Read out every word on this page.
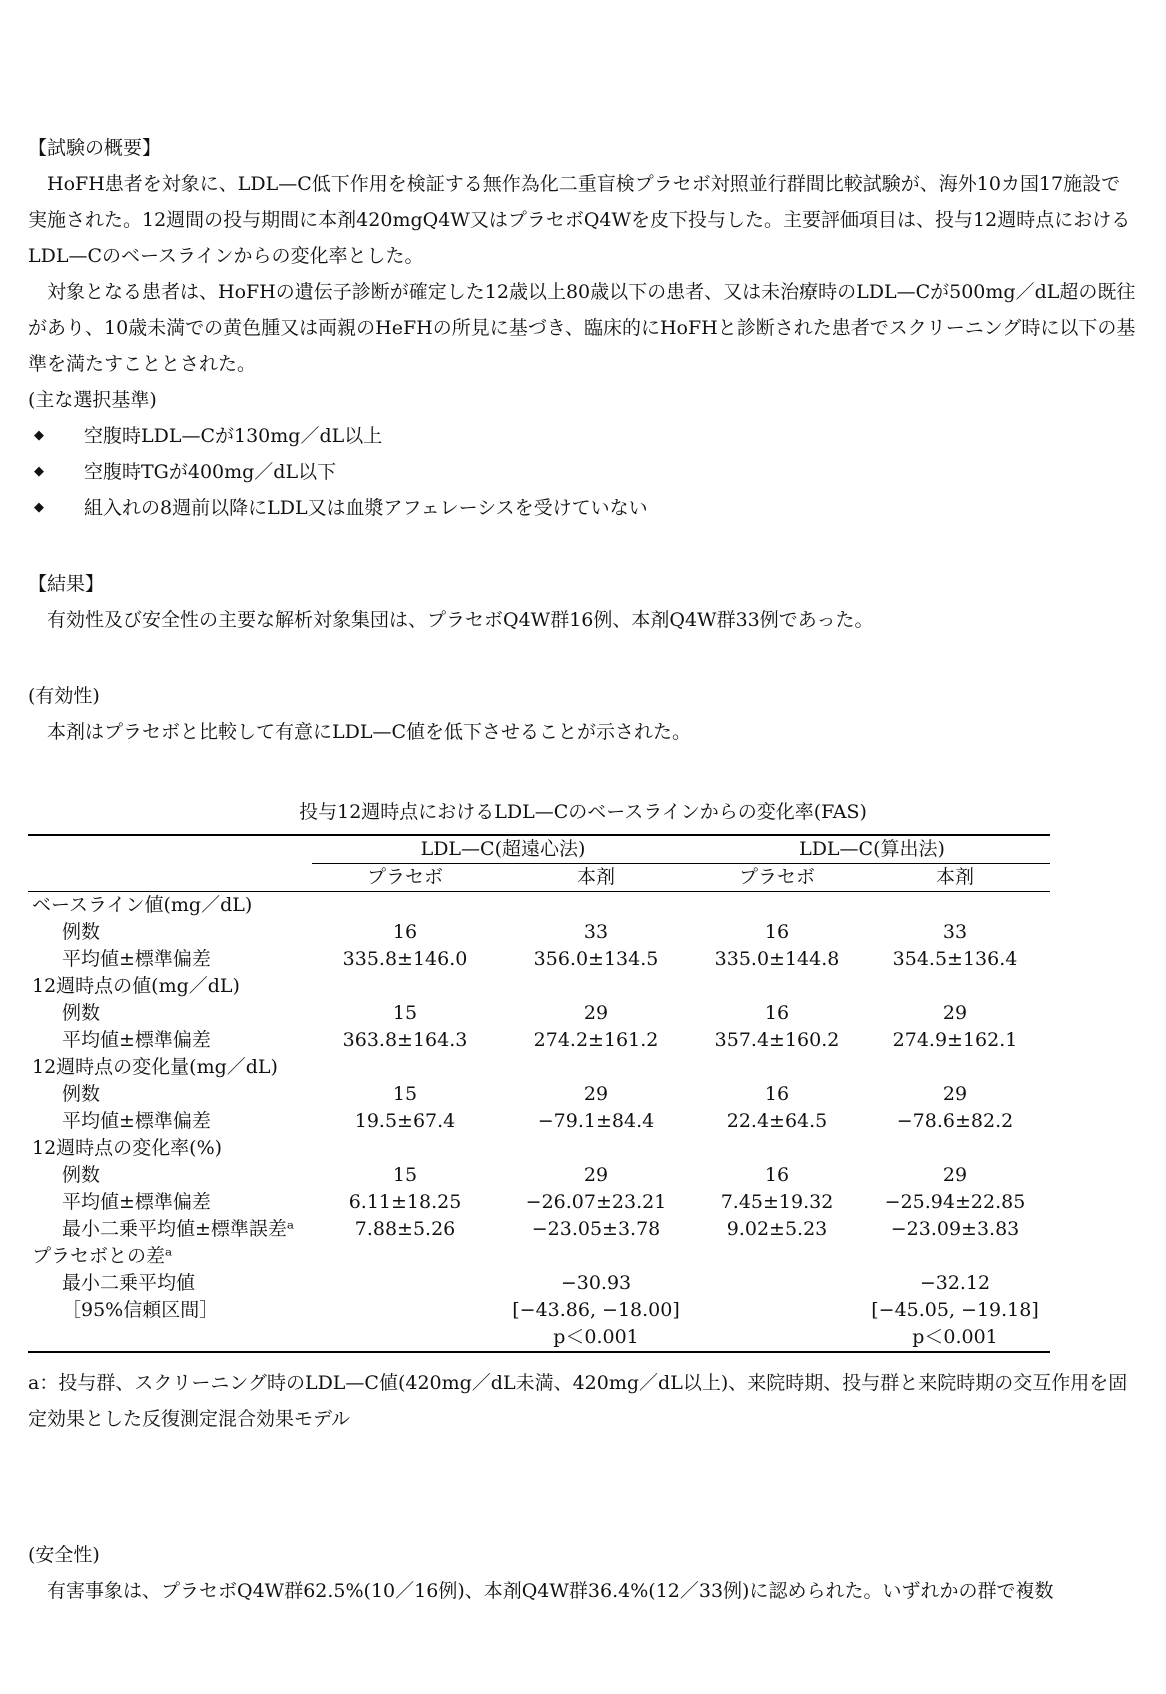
【試験の概要】

　HoFH患者を対象に、LDL—C低下作用を検証する無作為化二重盲検プラセボ対照並行群間比較試験が、海外10カ国17施設で実施された。12週間の投与期間に本剤420mgQ4W又はプラセボQ4Wを皮下投与した。主要評価項目は、投与12週時点におけるLDL—Cのベースラインからの変化率とした。

　対象となる患者は、HoFHの遺伝子診断が確定した12歳以上80歳以下の患者、又は未治療時のLDL—Cが500mg／dL超の既往があり、10歳未満での黄色腫又は両親のHeFHの所見に基づき、臨床的にHoFHと診断された患者でスクリーニング時に以下の基準を満たすこととされた。

(主な選択基準)

◆	空腹時LDL—Cが130mg／dL以上
◆	空腹時TGが400mg／dL以下
◆	組入れの8週前以降にLDL又は血漿アフェレーシスを受けていない

【結果】

　有効性及び安全性の主要な解析対象集団は、プラセボQ4W群16例、本剤Q4W群33例であった。

(有効性)

　本剤はプラセボと比較して有意にLDL—C値を低下させることが示された。

投与12週時点におけるLDL—Cのベースラインからの変化率(FAS)
	LDL—C(超遠心法)		LDL—C(算出法)	
	プラセボ	本剤	プラセボ	本剤
ベースライン値(mg／dL)				
例数	16	33	16	33
平均値±標準偏差	335.8±146.0	356.0±134.5	335.0±144.8	354.5±136.4
12週時点の値(mg／dL)				
例数	15	29	16	29
平均値±標準偏差	363.8±164.3	274.2±161.2	357.4±160.2	274.9±162.1
12週時点の変化量(mg／dL)				
例数	15	29	16	29
平均値±標準偏差	19.5±67.4	−79.1±84.4	22.4±64.5	−78.6±82.2
12週時点の変化率(%)				
例数	15	29	16	29
平均値±標準偏差	6.11±18.25	−26.07±23.21	7.45±19.32	−25.94±22.85
最小二乗平均値±標準誤差ᵃ	7.88±5.26	−23.05±3.78	9.02±5.23	−23.09±3.83
プラセボとの差ᵃ				
最小二乗平均値		−30.93		−32.12
［95%信頼区間］		[−43.86, −18.00]		[−45.05, −19.18]
		p＜0.001		p＜0.001

a：投与群、スクリーニング時のLDL—C値(420mg／dL未満、420mg／dL以上)、来院時期、投与群と来院時期の交互作用を固定効果とした反復測定混合効果モデル

(安全性)

　有害事象は、プラセボQ4W群62.5%(10／16例)、本剤Q4W群36.4%(12／33例)に認められた。いずれかの群で複数
